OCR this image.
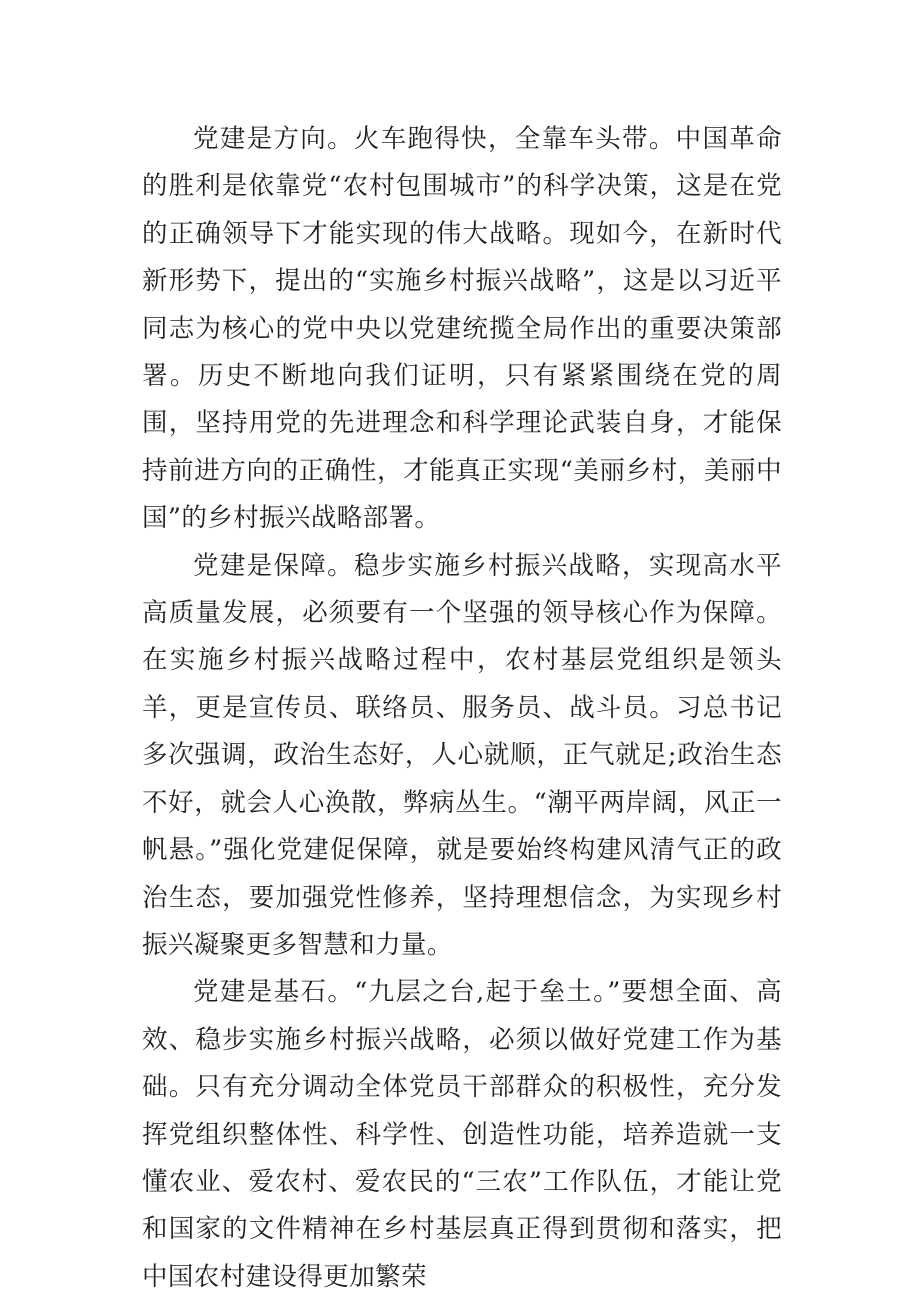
党建是方向。火车跑得快，全靠车头带。中国革命的胜利是依靠党“农村包围城市”的科学决策，这是在党的正确领导下才能实现的伟大战略。现如今，在新时代新形势下，提出的“实施乡村振兴战略”，这是以习近平同志为核心的党中央以党建统揽全局作出的重要决策部署。历史不断地向我们证明，只有紧紧围绕在党的周围，坚持用党的先进理念和科学理论武装自身，才能保持前进方向的正确性，才能真正实现“美丽乡村，美丽中国”的乡村振兴战略部署。

党建是保障。稳步实施乡村振兴战略，实现高水平高质量发展，必须要有一个坚强的领导核心作为保障。在实施乡村振兴战略过程中，农村基层党组织是领头羊，更是宣传员、联络员、服务员、战斗员。习总书记多次强调，政治生态好，人心就顺，正气就足;政治生态不好，就会人心涣散，弊病丛生。“潮平两岸阔，风正一帆悬。”强化党建促保障，就是要始终构建风清气正的政治生态，要加强党性修养，坚持理想信念，为实现乡村振兴凝聚更多智慧和力量。

党建是基石。“九层之台,起于垒土。”要想全面、高效、稳步实施乡村振兴战略，必须以做好党建工作为基础。只有充分调动全体党员干部群众的积极性，充分发挥党组织整体性、科学性、创造性功能，培养造就一支懂农业、爱农村、爱农民的“三农”工作队伍，才能让党和国家的文件精神在乡村基层真正得到贯彻和落实，把中国农村建设得更加繁荣
